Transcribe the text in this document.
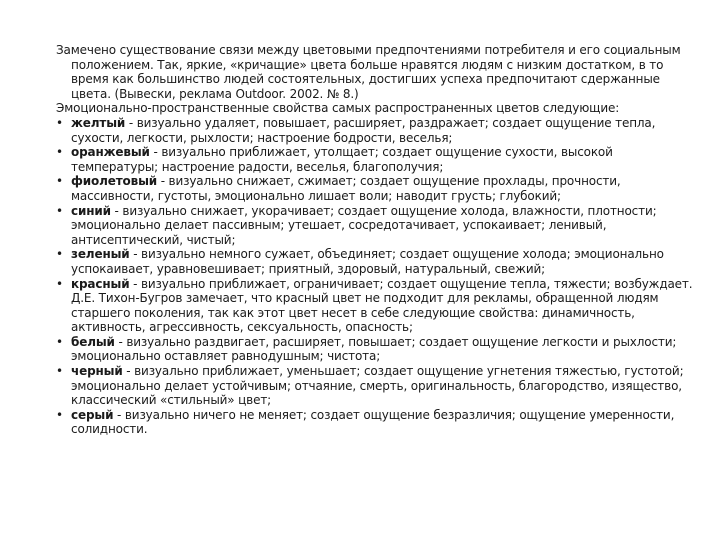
Замечено существование связи между цветовыми предпочтениями потребителя и его социальным положением. Так, яркие, «кричащие» цвета больше нравятся людям с низким достатком, в то время как большинство людей состоятельных, достигших успеха предпочитают сдержанные цвета. (Вывески, реклама Outdoor. 2002. № 8.)

Эмоционально-пространственные свойства самых распространенных цветов следующие:

• желтый - визуально удаляет, повышает, расширяет, раздражает; создает ощущение тепла, сухости, легкости, рыхлости; настроение бодрости, веселья;
• оранжевый - визуально приближает, утолщает; создает ощущение сухости, высокой температуры; настроение радости, веселья, благополучия;
• фиолетовый - визуально снижает, сжимает; создает ощущение прохлады, прочности, массивности, густоты, эмоционально лишает воли; наводит грусть; глубокий;
• синий - визуально снижает, укорачивает; создает ощущение холода, влажности, плотности; эмоционально делает пассивным; утешает, сосредотачивает, успокаивает; ленивый, антисептический, чистый;
• зеленый - визуально немного сужает, объединяет; создает ощущение холода; эмоционально успокаивает, уравновешивает; приятный, здоровый, натуральный, свежий;
• красный - визуально приближает, ограничивает; создает ощущение тепла, тяжести; возбуждает. Д.Е. Тихон-Бугров замечает, что красный цвет не подходит для рекламы, обращенной людям старшего поколения, так как этот цвет несет в себе следующие свойства: динамичность, активность, агрессивность, сексуальность, опасность;
• белый - визуально раздвигает, расширяет, повышает; создает ощущение легкости и рыхлости; эмоционально оставляет равнодушным; чистота;
• черный - визуально приближает, уменьшает; создает ощущение угнетения тяжестью, густотой; эмоционально делает устойчивым; отчаяние, смерть, оригинальность, благородство, изящество, классический «стильный» цвет;
• серый - визуально ничего не меняет; создает ощущение безразличия; ощущение умеренности, солидности.
